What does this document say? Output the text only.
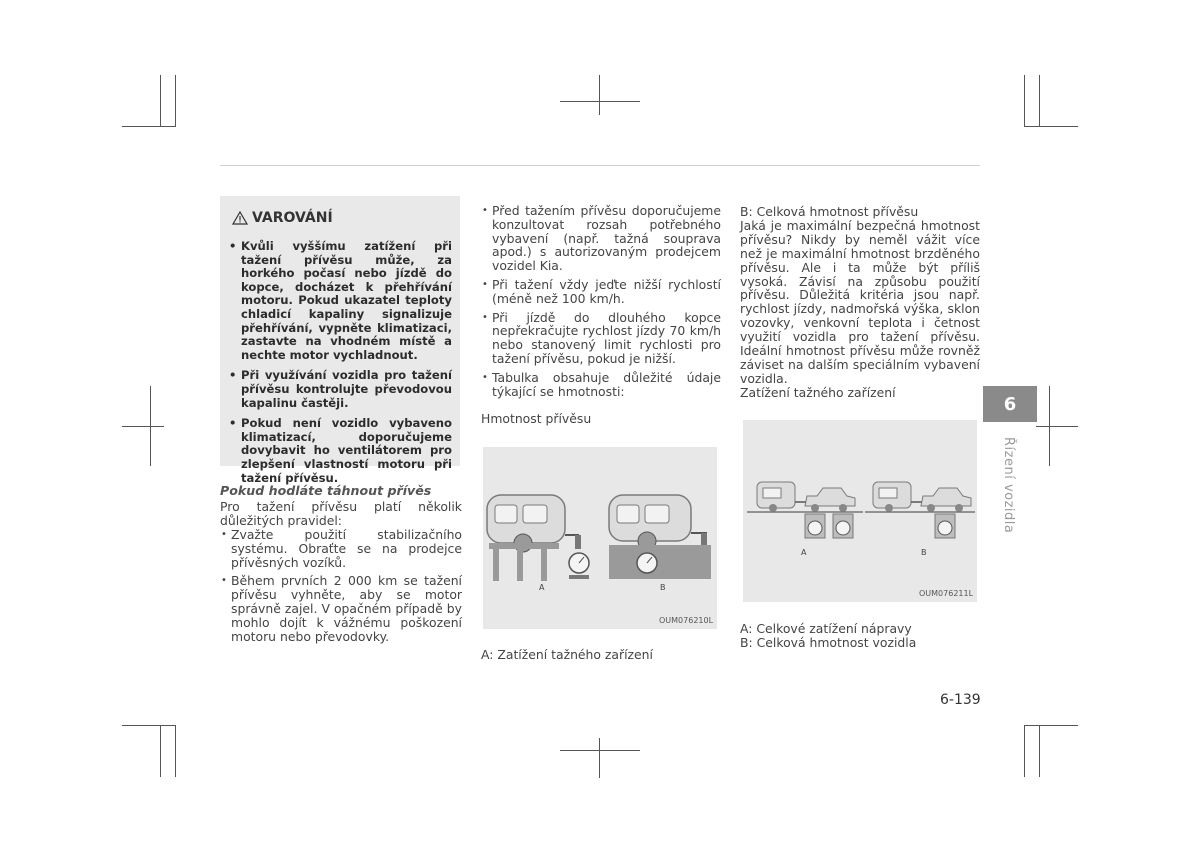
VAROVÁNÍ
• Kvůli vyššímu zatížení při tažení přívěsu může, za horkého počasí nebo jízdě do kopce, docházet k přehřívání motoru. Pokud ukazatel teploty chladicí kapaliny signalizuje přehřívání, vypněte klimatizaci, zastavte na vhodném místě a nechte motor vychladnout.
• Při využívání vozidla pro tažení přívěsu kontrolujte převodovou kapalinu častěji.
• Pokud není vozidlo vybaveno klimatizací, doporučujeme dovybavit ho ventilátorem pro zlepšení vlastností motoru při tažení přívěsu.
Pokud hodláte táhnout přívěs
Pro tažení přívěsu platí několik důležitých pravidel:
• Zvažte použití stabilizačního systému. Obraťte se na prodejce přívěsných vozíků.
• Během prvních 2 000 km se tažení přívěsu vyhněte, aby se motor správně zajel. V opačném případě by mohlo dojít k vážnému poškození motoru nebo převodovky.
• Před tažením přívěsu doporučujeme konzultovat rozsah potřebného vybavení (např. tažná souprava apod.) s autorizovaným prodejcem vozidel Kia.
• Při tažení vždy jeďte nižší rychlostí (méně než 100 km/h.
• Při jízdě do dlouhého kopce nepřekračujte rychlost jízdy 70 km/h nebo stanovený limit rychlosti pro tažení přívěsu, pokud je nižší.
• Tabulka obsahuje důležité údaje týkající se hmotnosti:
Hmotnost přívěsu
A	B
OUM076210L
A: Zatížení tažného zařízení
B: Celková hmotnost přívěsu
Jaká je maximální bezpečná hmotnost přívěsu? Nikdy by neměl vážit více než je maximální hmotnost brzděného přívěsu. Ale i ta může být příliš vysoká. Závisí na způsobu použití přívěsu. Důležitá kritéria jsou např. rychlost jízdy, nadmořská výška, sklon vozovky, venkovní teplota i četnost využití vozidla pro tažení přívěsu. Ideální hmotnost přívěsu může rovněž záviset na dalším speciálním vybavení vozidla.
Zatížení tažného zařízení
A	B
OUM076211L
A: Celkové zatížení nápravy
B: Celková hmotnost vozidla
6
Řízení vozidla
6-139
